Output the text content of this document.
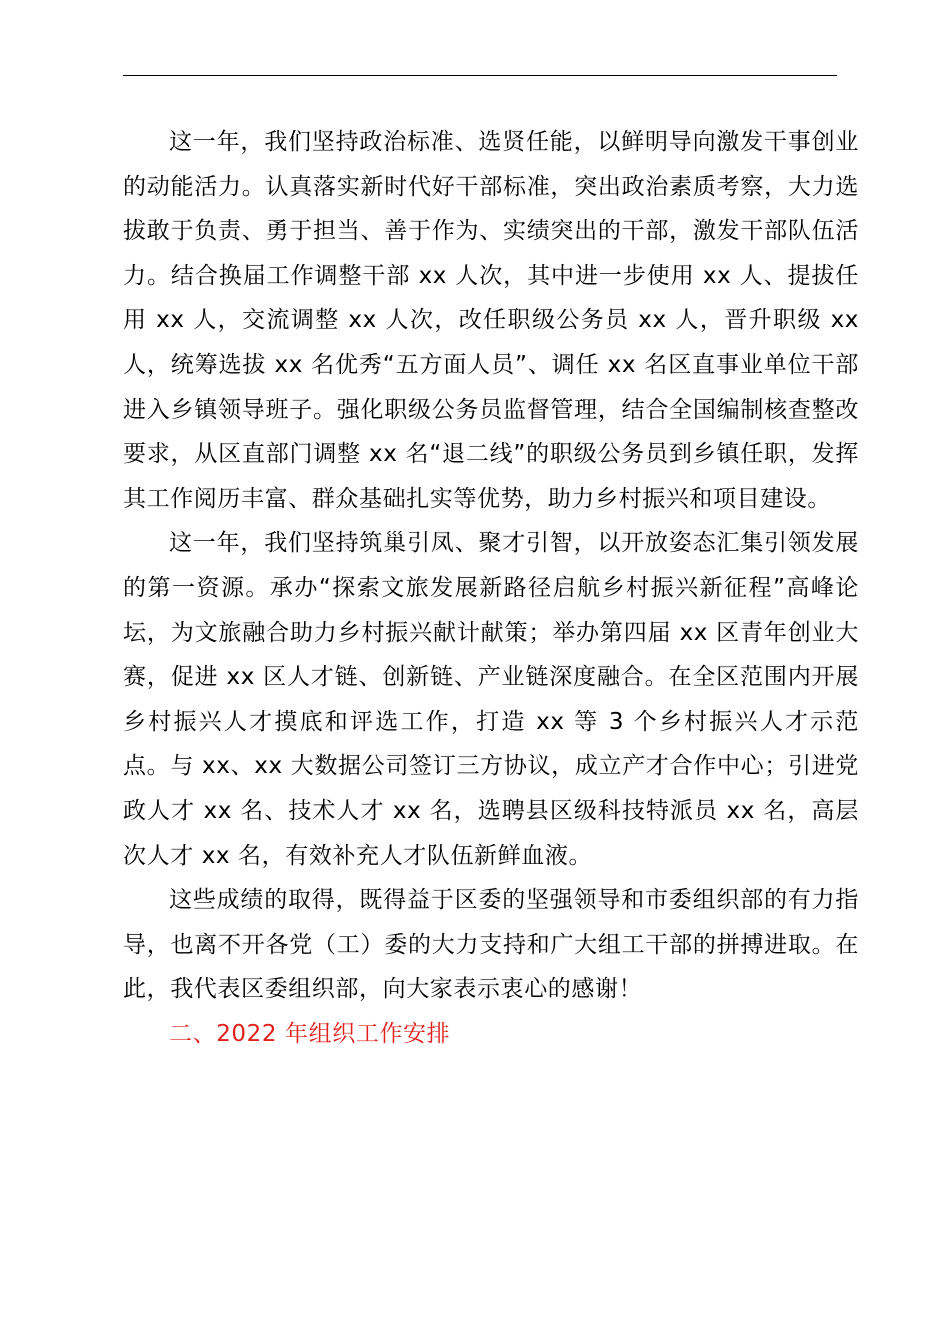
这一年，我们坚持政治标准、选贤任能，以鲜明导向激发干事创业的动能活力。认真落实新时代好干部标准，突出政治素质考察，大力选拔敢于负责、勇于担当、善于作为、实绩突出的干部，激发干部队伍活力。结合换届工作调整干部 xx 人次，其中进一步使用 xx 人、提拔任用 xx 人，交流调整 xx 人次，改任职级公务员 xx 人，晋升职级 xx 人，统筹选拔 xx 名优秀“五方面人员”、调任 xx 名区直事业单位干部进入乡镇领导班子。强化职级公务员监督管理，结合全国编制核查整改要求，从区直部门调整 xx 名“退二线”的职级公务员到乡镇任职，发挥其工作阅历丰富、群众基础扎实等优势，助力乡村振兴和项目建设。

这一年，我们坚持筑巢引凤、聚才引智，以开放姿态汇集引领发展的第一资源。承办“探索文旅发展新路径启航乡村振兴新征程”高峰论坛，为文旅融合助力乡村振兴献计献策；举办第四届 xx 区青年创业大赛，促进 xx 区人才链、创新链、产业链深度融合。在全区范围内开展乡村振兴人才摸底和评选工作，打造 xx 等 3 个乡村振兴人才示范点。与 xx、xx 大数据公司签订三方协议，成立产才合作中心；引进党政人才 xx 名、技术人才 xx 名，选聘县区级科技特派员 xx 名，高层次人才 xx 名，有效补充人才队伍新鲜血液。

这些成绩的取得，既得益于区委的坚强领导和市委组织部的有力指导，也离不开各党（工）委的大力支持和广大组工干部的拼搏进取。在此，我代表区委组织部，向大家表示衷心的感谢！

二、2022 年组织工作安排
